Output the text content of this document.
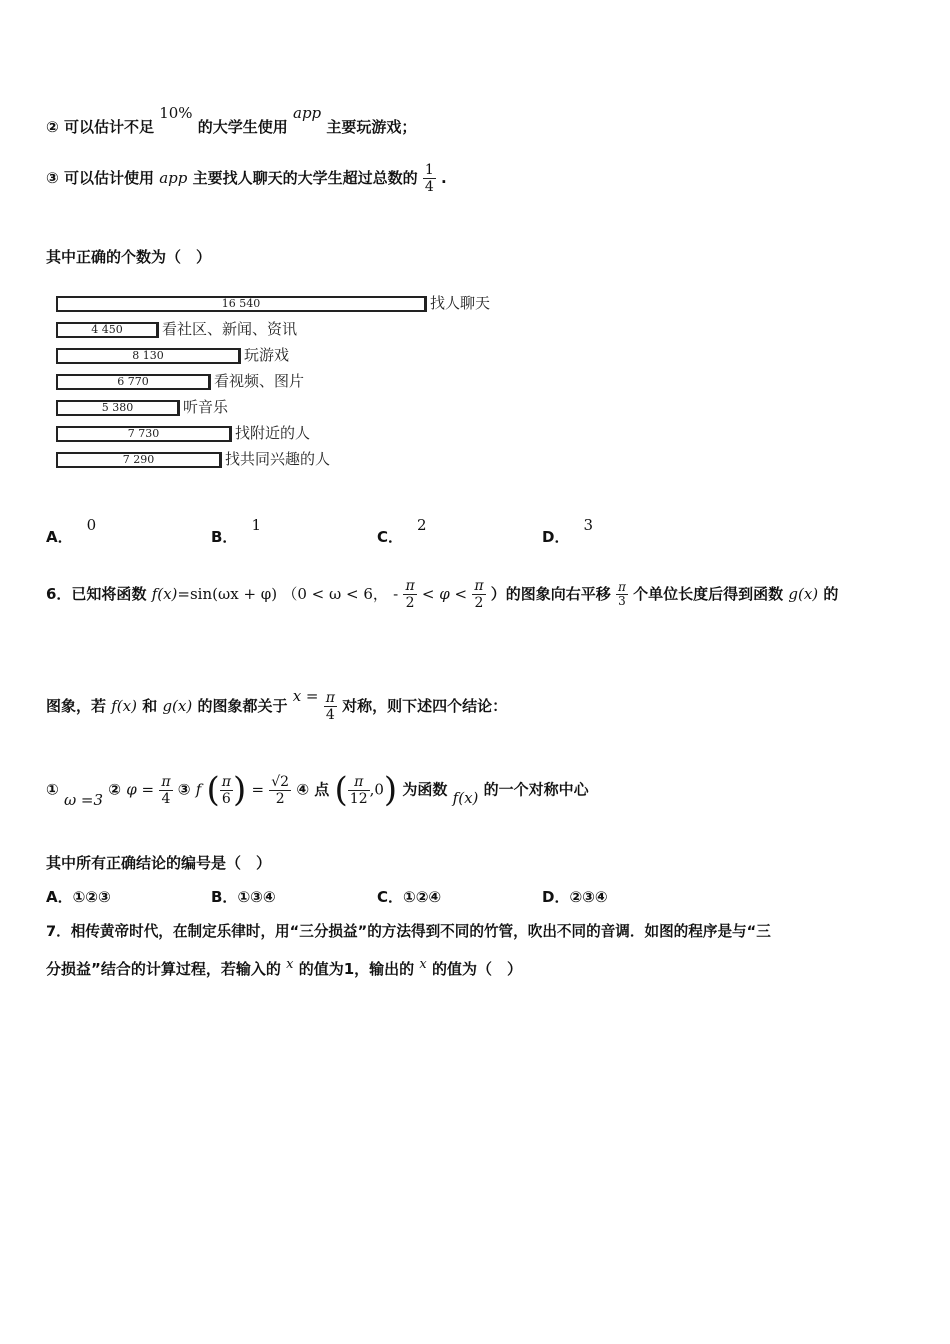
② 可以估计不足 10% 的大学生使用 app 主要玩游戏；
③ 可以估计使用 app 主要找人聊天的大学生超过总数的 $\frac{1}{4}$ .
其中正确的个数为（　）
16 540	找人聊天
4 450	看社区、新闻、资讯
8 130	玩游戏
6 770	看视频、图片
5 380	听音乐
7 730	找附近的人
7 290	找共同兴趣的人
A．0
B．1
C．2
D．3
6．已知将函数 f(x)=sin(ωx + φ) （0 < ω < 6， - $\frac{\pi}{2} < \varphi < \frac{\pi}{2}$ ）的图象向右平移 $\frac{\pi}{3}$ 个单位长度后得到函数 g(x) 的
图象，若 f(x) 和 g(x) 的图象都关于 $x = \frac{\pi}{4}$ 对称，则下述四个结论：
① ω =3 ② $\varphi = \frac{\pi}{4}$ ③ f ( $\frac{\pi}{6}$ ) = $\frac{√2}{2}$ ④ 点 ( $\frac{\pi}{12} ,0$) 为函数 f(x) 的一个对称中心
其中所有正确结论的编号是（　）
A．①②③	B．①③④	C．①②④	D．②③④
7．相传黄帝时代，在制定乐律时，用“三分损益”的方法得到不同的竹管，吹出不同的音调．如图的程序是与“三
分损益”结合的计算过程，若输入的 x 的值为1，输出的 x 的值为（　）
